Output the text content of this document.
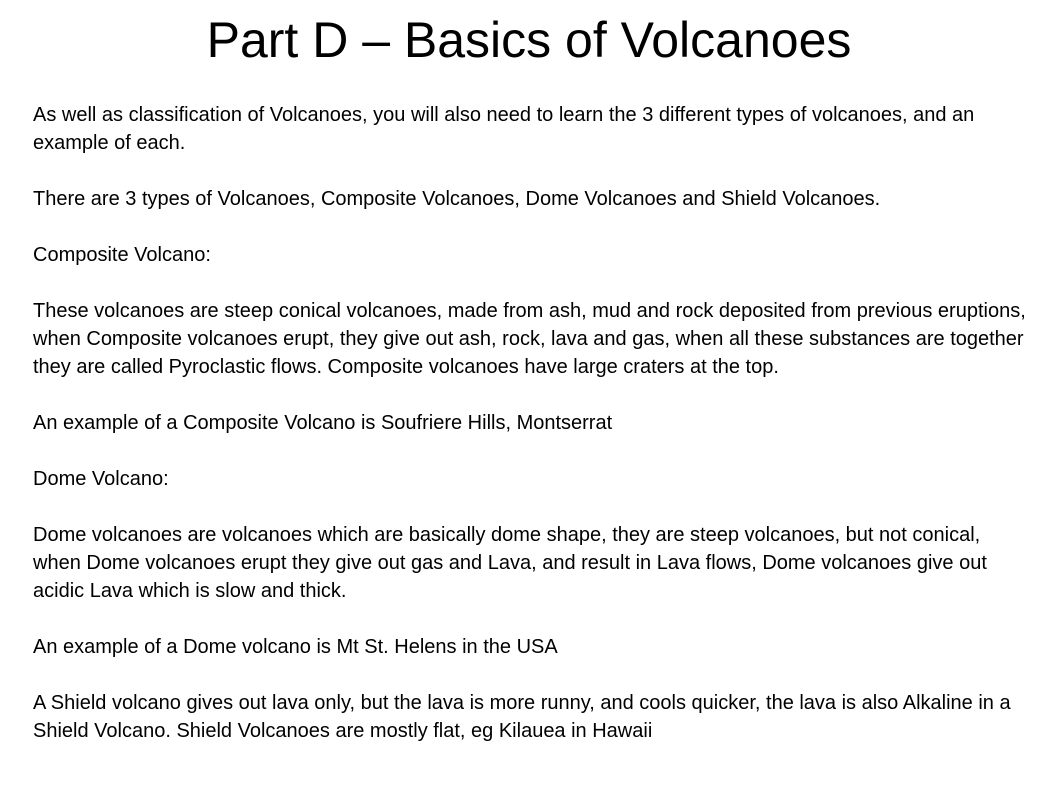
Part D – Basics of Volcanoes

As well as classification of Volcanoes, you will also need to learn the 3 different types of volcanoes, and an example of each.

There are 3 types of Volcanoes, Composite Volcanoes, Dome Volcanoes and Shield Volcanoes.

Composite Volcano:

These volcanoes are steep conical volcanoes, made from ash, mud and rock deposited from previous eruptions, when Composite volcanoes erupt, they give out ash, rock, lava and gas, when all these substances are together they are called Pyroclastic flows. Composite volcanoes have large craters at the top.

An example of a Composite Volcano is Soufriere Hills, Montserrat

Dome Volcano:

Dome volcanoes are volcanoes which are basically dome shape, they are steep volcanoes, but not conical, when Dome volcanoes erupt they give out gas and Lava, and result in Lava flows, Dome volcanoes give out acidic Lava which is slow and thick.

An example of a Dome volcano is Mt St. Helens in the USA

A Shield volcano gives out lava only, but the lava is more runny, and cools quicker, the lava is also Alkaline in a Shield Volcano. Shield Volcanoes are mostly flat, eg Kilauea in Hawaii
